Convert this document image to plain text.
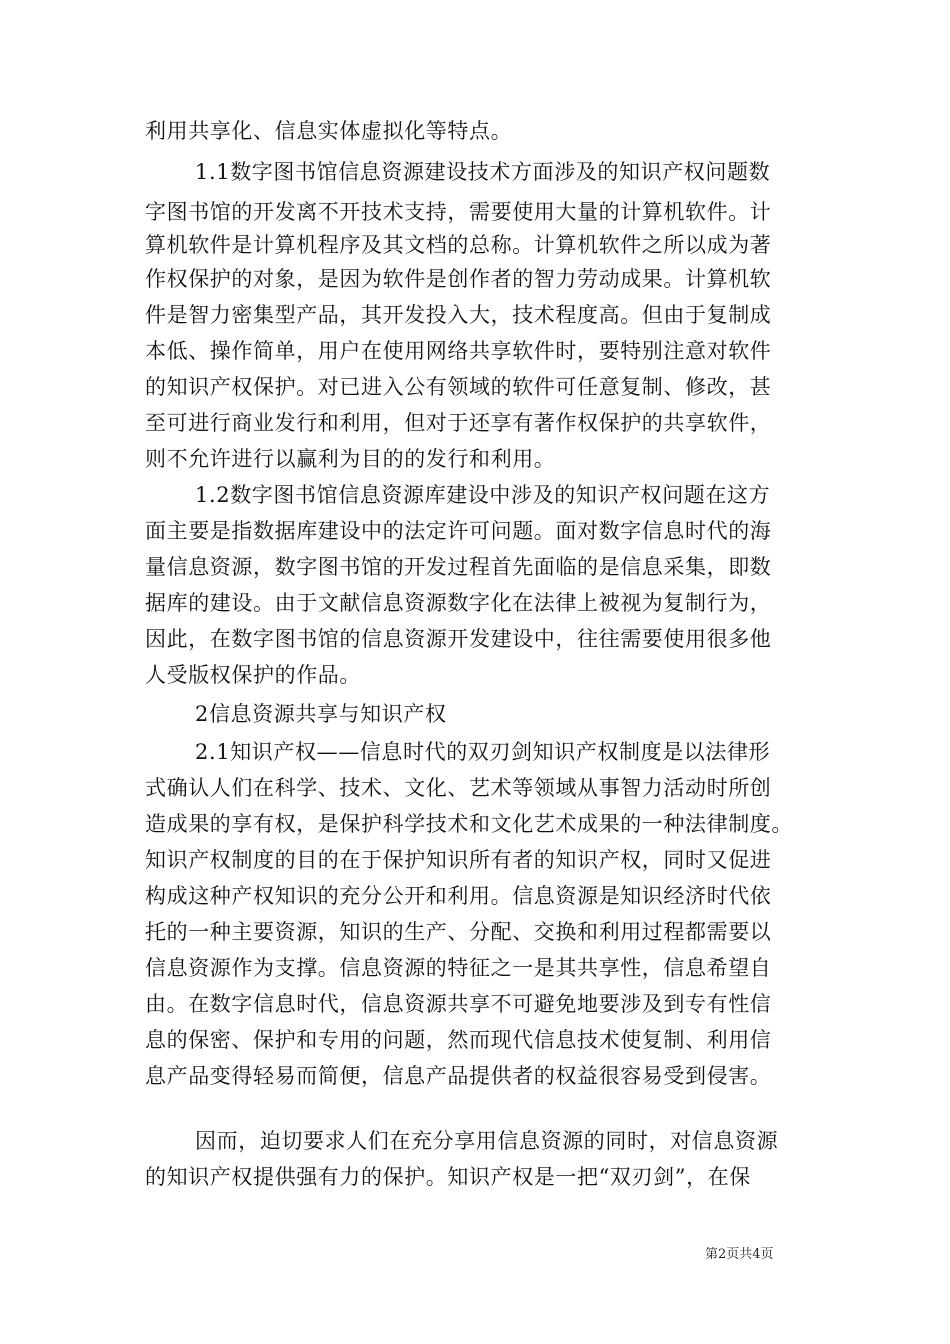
利用共享化、信息实体虚拟化等特点。
1.1数字图书馆信息资源建设技术方面涉及的知识产权问题数
字图书馆的开发离不开技术支持，需要使用大量的计算机软件。计
算机软件是计算机程序及其文档的总称。计算机软件之所以成为著
作权保护的对象，是因为软件是创作者的智力劳动成果。计算机软
件是智力密集型产品，其开发投入大，技术程度高。但由于复制成
本低、操作简单，用户在使用网络共享软件时，要特别注意对软件
的知识产权保护。对已进入公有领域的软件可任意复制、修改，甚
至可进行商业发行和利用，但对于还享有著作权保护的共享软件，
则不允许进行以赢利为目的的发行和利用。
1.2数字图书馆信息资源库建设中涉及的知识产权问题在这方
面主要是指数据库建设中的法定许可问题。面对数字信息时代的海
量信息资源，数字图书馆的开发过程首先面临的是信息采集，即数
据库的建设。由于文献信息资源数字化在法律上被视为复制行为，
因此，在数字图书馆的信息资源开发建设中，往往需要使用很多他
人受版权保护的作品。
2信息资源共享与知识产权
2.1知识产权——信息时代的双刃剑知识产权制度是以法律形
式确认人们在科学、技术、文化、艺术等领域从事智力活动时所创
造成果的享有权，是保护科学技术和文化艺术成果的一种法律制度。
知识产权制度的目的在于保护知识所有者的知识产权，同时又促进
构成这种产权知识的充分公开和利用。信息资源是知识经济时代依
托的一种主要资源，知识的生产、分配、交换和利用过程都需要以
信息资源作为支撑。信息资源的特征之一是其共享性，信息希望自
由。在数字信息时代，信息资源共享不可避免地要涉及到专有性信
息的保密、保护和专用的问题，然而现代信息技术使复制、利用信
息产品变得轻易而简便，信息产品提供者的权益很容易受到侵害。
因而，迫切要求人们在充分享用信息资源的同时，对信息资源
的知识产权提供强有力的保护。知识产权是一把“双刃剑”，在保
第2页共4页
